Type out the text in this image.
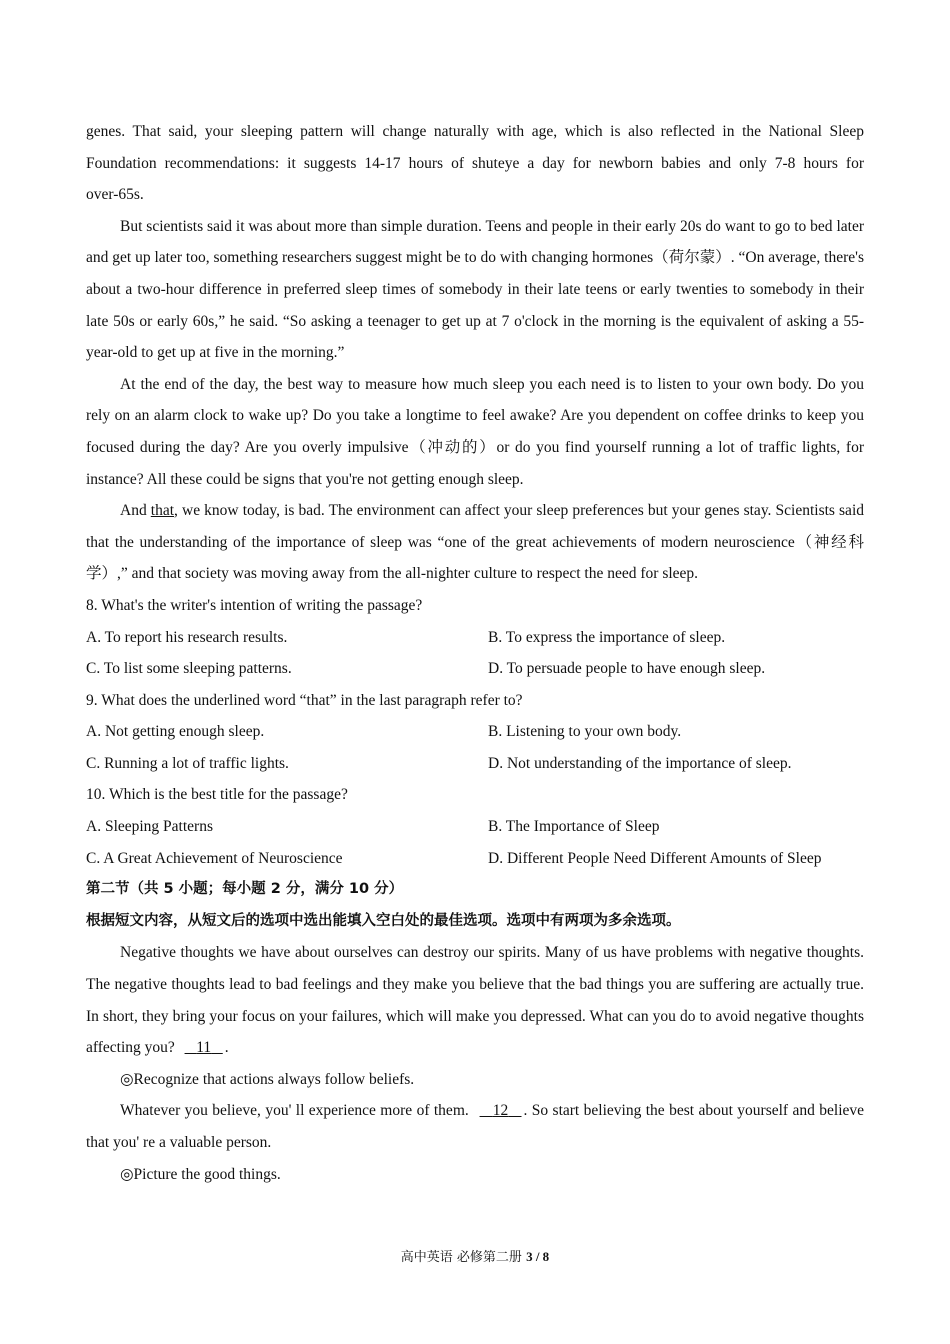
genes. That said, your sleeping pattern will change naturally with age, which is also reflected in the National Sleep

Foundation recommendations: it suggests 14-17 hours of shuteye a day for newborn babies and only 7-8 hours for

over-65s.

But scientists said it was about more than simple duration. Teens and people in their early 20s do want to go to bed later and get up later too, something researchers suggest might be to do with changing hormones（荷尔蒙）. “On average, there's about a two-hour difference in preferred sleep times of somebody in their late teens or early twenties to somebody in their late 50s or early 60s,” he said. “So asking a teenager to get up at 7 o'clock in the morning is the equivalent of asking a 55-year-old to get up at five in the morning.”

At the end of the day, the best way to measure how much sleep you each need is to listen to your own body. Do you rely on an alarm clock to wake up? Do you take a longtime to feel awake? Are you dependent on coffee drinks to keep you focused during the day? Are you overly impulsive（冲动的）or do you find yourself running a lot of traffic lights, for instance? All these could be signs that you're not getting enough sleep.

And that, we know today, is bad. The environment can affect your sleep preferences but your genes stay. Scientists said that the understanding of the importance of sleep was “one of the great achievements of modern neuroscience（神经科学）,” and that society was moving away from the all-nighter culture to respect the need for sleep.

8. What's the writer's intention of writing the passage?

A. To report his research results.	B. To express the importance of sleep.
C. To list some sleeping patterns.	D. To persuade people to have enough sleep.

9. What does the underlined word “that” in the last paragraph refer to?

A. Not getting enough sleep.	B. Listening to your own body.
C. Running a lot of traffic lights.	D. Not understanding of the importance of sleep.

10. Which is the best title for the passage?

A. Sleeping Patterns	B. The Importance of Sleep
C. A Great Achievement of Neuroscience	D. Different People Need Different Amounts of Sleep

第二节（共 5 小题；每小题 2 分，满分 10 分）

根据短文内容，从短文后的选项中选出能填入空白处的最佳选项。选项中有两项为多余选项。

Negative thoughts we have about ourselves can destroy our spirits. Many of us have problems with negative thoughts. The negative thoughts lead to bad feelings and they make you believe that the bad things you are suffering are actually true. In short, they bring your focus on your failures, which will make you depressed. What can you do to avoid negative thoughts affecting you? 11 .

◎Recognize that actions always follow beliefs.

Whatever you believe, you' ll experience more of them. 12 . So start believing the best about yourself and believe that you' re a valuable person.

◎Picture the good things.

高中英语 必修第二册 3 / 8
